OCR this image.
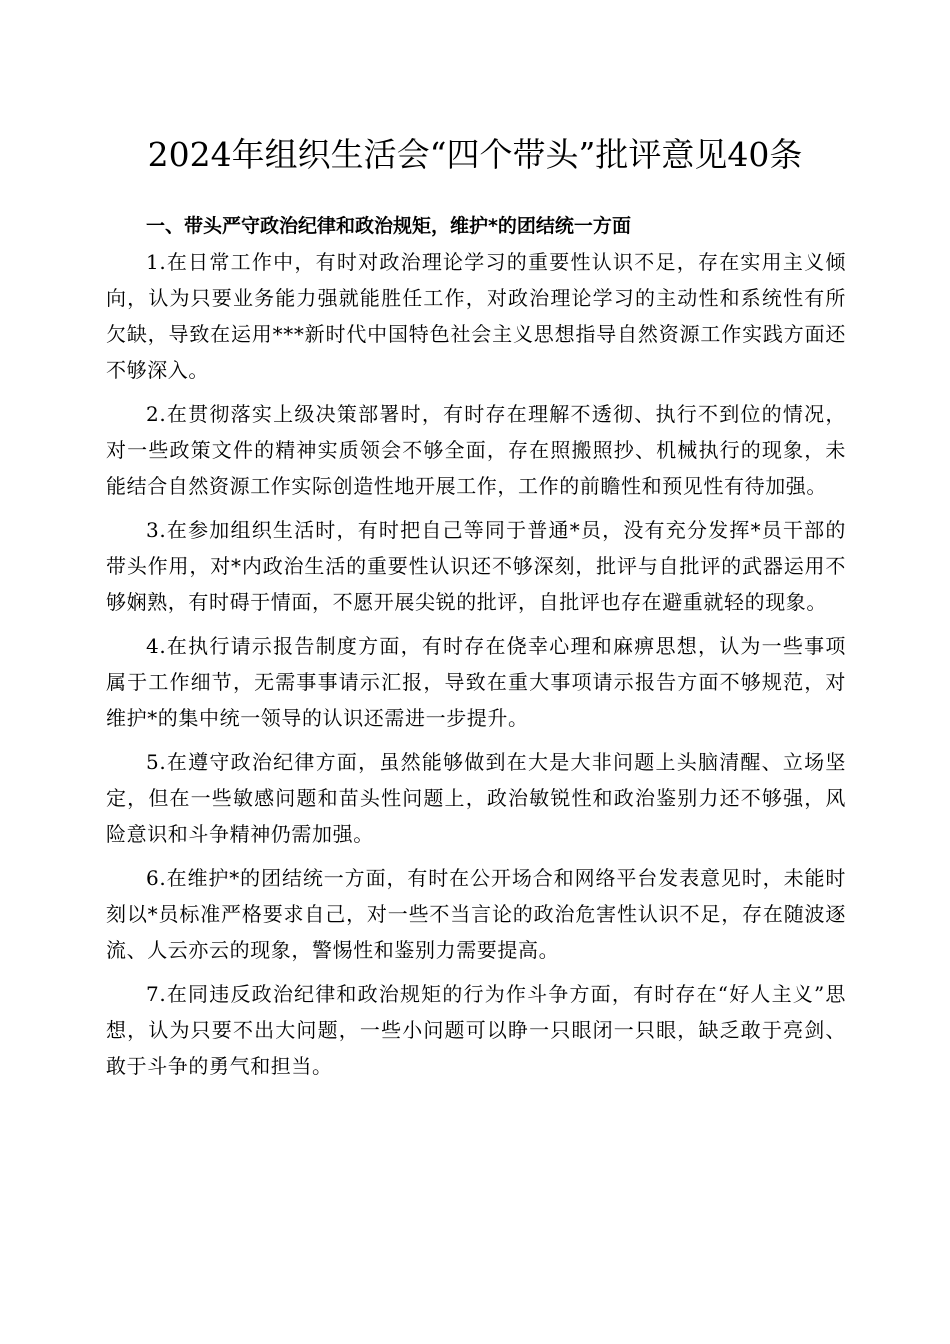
2024年组织生活会“四个带头”批评意见40条

一、带头严守政治纪律和政治规矩，维护*的团结统一方面

1.在日常工作中，有时对政治理论学习的重要性认识不足，存在实用主义倾向，认为只要业务能力强就能胜任工作，对政治理论学习的主动性和系统性有所欠缺，导致在运用***新时代中国特色社会主义思想指导自然资源工作实践方面还不够深入。

2.在贯彻落实上级决策部署时，有时存在理解不透彻、执行不到位的情况，对一些政策文件的精神实质领会不够全面，存在照搬照抄、机械执行的现象，未能结合自然资源工作实际创造性地开展工作，工作的前瞻性和预见性有待加强。

3.在参加组织生活时，有时把自己等同于普通*员，没有充分发挥*员干部的带头作用，对*内政治生活的重要性认识还不够深刻，批评与自批评的武器运用不够娴熟，有时碍于情面，不愿开展尖锐的批评，自批评也存在避重就轻的现象。

4.在执行请示报告制度方面，有时存在侥幸心理和麻痹思想，认为一些事项属于工作细节，无需事事请示汇报，导致在重大事项请示报告方面不够规范，对维护*的集中统一领导的认识还需进一步提升。

5.在遵守政治纪律方面，虽然能够做到在大是大非问题上头脑清醒、立场坚定，但在一些敏感问题和苗头性问题上，政治敏锐性和政治鉴别力还不够强，风险意识和斗争精神仍需加强。

6.在维护*的团结统一方面，有时在公开场合和网络平台发表意见时，未能时刻以*员标准严格要求自己，对一些不当言论的政治危害性认识不足，存在随波逐流、人云亦云的现象，警惕性和鉴别力需要提高。

7.在同违反政治纪律和政治规矩的行为作斗争方面，有时存在“好人主义”思想，认为只要不出大问题，一些小问题可以睁一只眼闭一只眼，缺乏敢于亮剑、敢于斗争的勇气和担当。
